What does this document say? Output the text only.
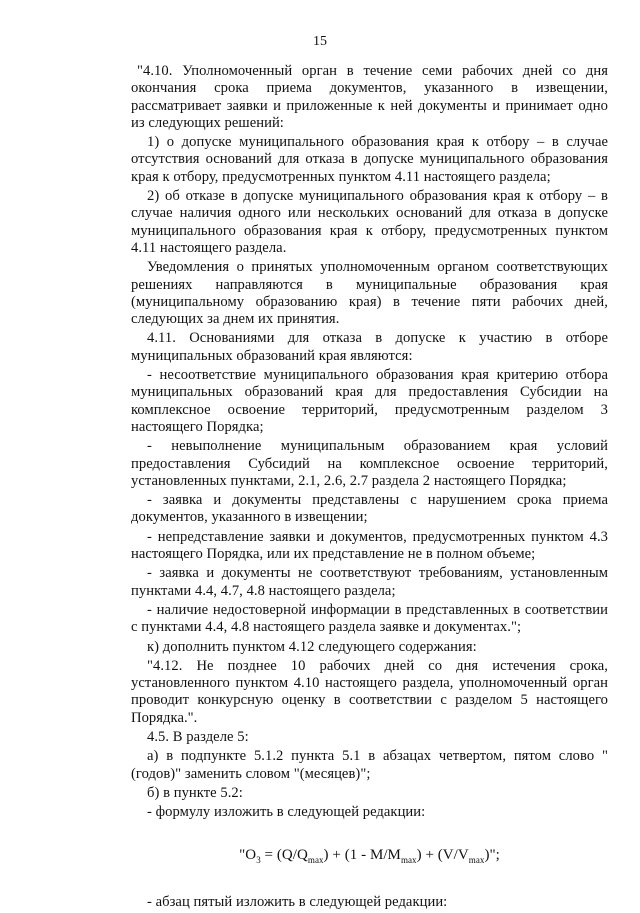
15

"4.10. Уполномоченный орган в течение семи рабочих дней со дня окончания срока приема документов, указанного в извещении, рассматривает заявки и приложенные к ней документы и принимает одно из следующих решений:

1) о допуске муниципального образования края к отбору – в случае отсутствия оснований для отказа в допуске муниципального образования края к отбору, предусмотренных пунктом 4.11 настоящего раздела;

2) об отказе в допуске муниципального образования края к отбору – в случае наличия одного или нескольких оснований для отказа в допуске муниципального образования края к отбору, предусмотренных пунктом 4.11 настоящего раздела.

Уведомления о принятых уполномоченным органом соответствующих решениях направляются в муниципальные образования края (муниципальному образованию края) в течение пяти рабочих дней, следующих за днем их принятия.

4.11. Основаниями для отказа в допуске к участию в отборе муниципальных образований края являются:

- несоответствие муниципального образования края критерию отбора муниципальных образований края для предоставления Субсидии на комплексное освоение территорий, предусмотренным разделом 3 настоящего Порядка;

- невыполнение муниципальным образованием края условий предоставления Субсидий на комплексное освоение территорий, установленных пунктами, 2.1, 2.6, 2.7 раздела 2 настоящего Порядка;

- заявка и документы представлены с нарушением срока приема документов, указанного в извещении;

- непредставление заявки и документов, предусмотренных пунктом 4.3 настоящего Порядка, или их представление не в полном объеме;

- заявка и документы не соответствуют требованиям, установленным пунктами 4.4, 4.7, 4.8 настоящего раздела;

- наличие недостоверной информации в представленных в соответствии с пунктами 4.4, 4.8 настоящего раздела заявке и документах.";

к) дополнить пунктом 4.12 следующего содержания:

"4.12. Не позднее 10 рабочих дней со дня истечения срока, установленного пунктом 4.10 настоящего раздела, уполномоченный орган проводит конкурсную оценку в соответствии с разделом 5 настоящего Порядка.".

4.5. В разделе 5:

а) в подпункте 5.1.2 пункта 5.1 в абзацах четвертом, пятом слово "(годов)" заменить словом "(месяцев)";

б) в пункте 5.2:

- формулу изложить в следующей редакции:

"$О_3 = (Q/Q_{max}) + (1 - M/M_{max}) + (V/V_{max})$";

- абзац пятый изложить в следующей редакции:
